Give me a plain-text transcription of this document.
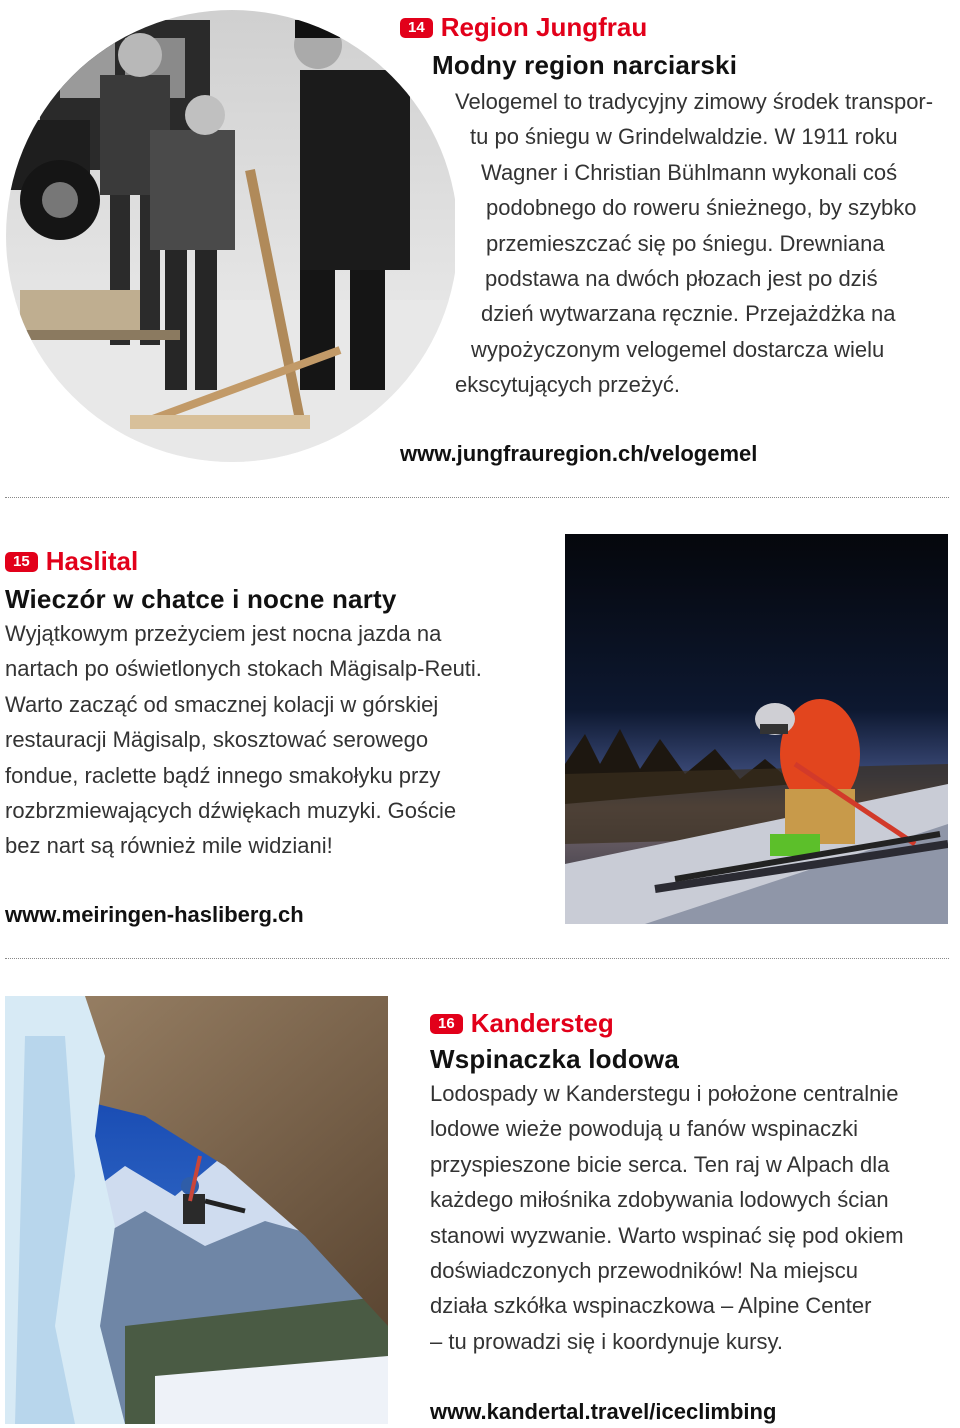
14 Region Jungfrau
Modny region narciarski
Velogemel to tradycyjny zimowy środek transpor-
tu po śniegu w Grindelwaldzie. W 1911 roku
Wagner i Christian Bühlmann wykonali coś
podobnego do roweru śnieżnego, by szybko
przemieszczać się po śniegu. Drewniana
podstawa na dwóch płozach jest po dziś
dzień wytwarzana ręcznie. Przejażdżka na
wypożyczonym velogemel dostarcza wielu
ekscytujących przeżyć.
www.jungfrauregion.ch/velogemel
15 Haslital
Wieczór w chatce i nocne narty
Wyjątkowym przeżyciem jest nocna jazda na
nartach po oświetlonych stokach Mägisalp-Reuti.
Warto zacząć od smacznej kolacji w górskiej
restauracji Mägisalp, skosztować serowego
fondue, raclette bądź innego smakołyku przy
rozbrzmiewających dźwiękach muzyki. Goście
bez nart są również mile widziani!
www.meiringen-hasliberg.ch
16 Kandersteg
Wspinaczka lodowa
Lodospady w Kanderstegu i położone centralnie
lodowe wieże powodują u fanów wspinaczki
przyspieszone bicie serca. Ten raj w Alpach dla
każdego miłośnika zdobywania lodowych ścian
stanowi wyzwanie. Warto wspinać się pod okiem
doświadczonych przewodników! Na miejscu
działa szkółka wspinaczkowa – Alpine Center
– tu prowadzi się i koordynuje kursy.
www.kandertal.travel/iceclimbing
